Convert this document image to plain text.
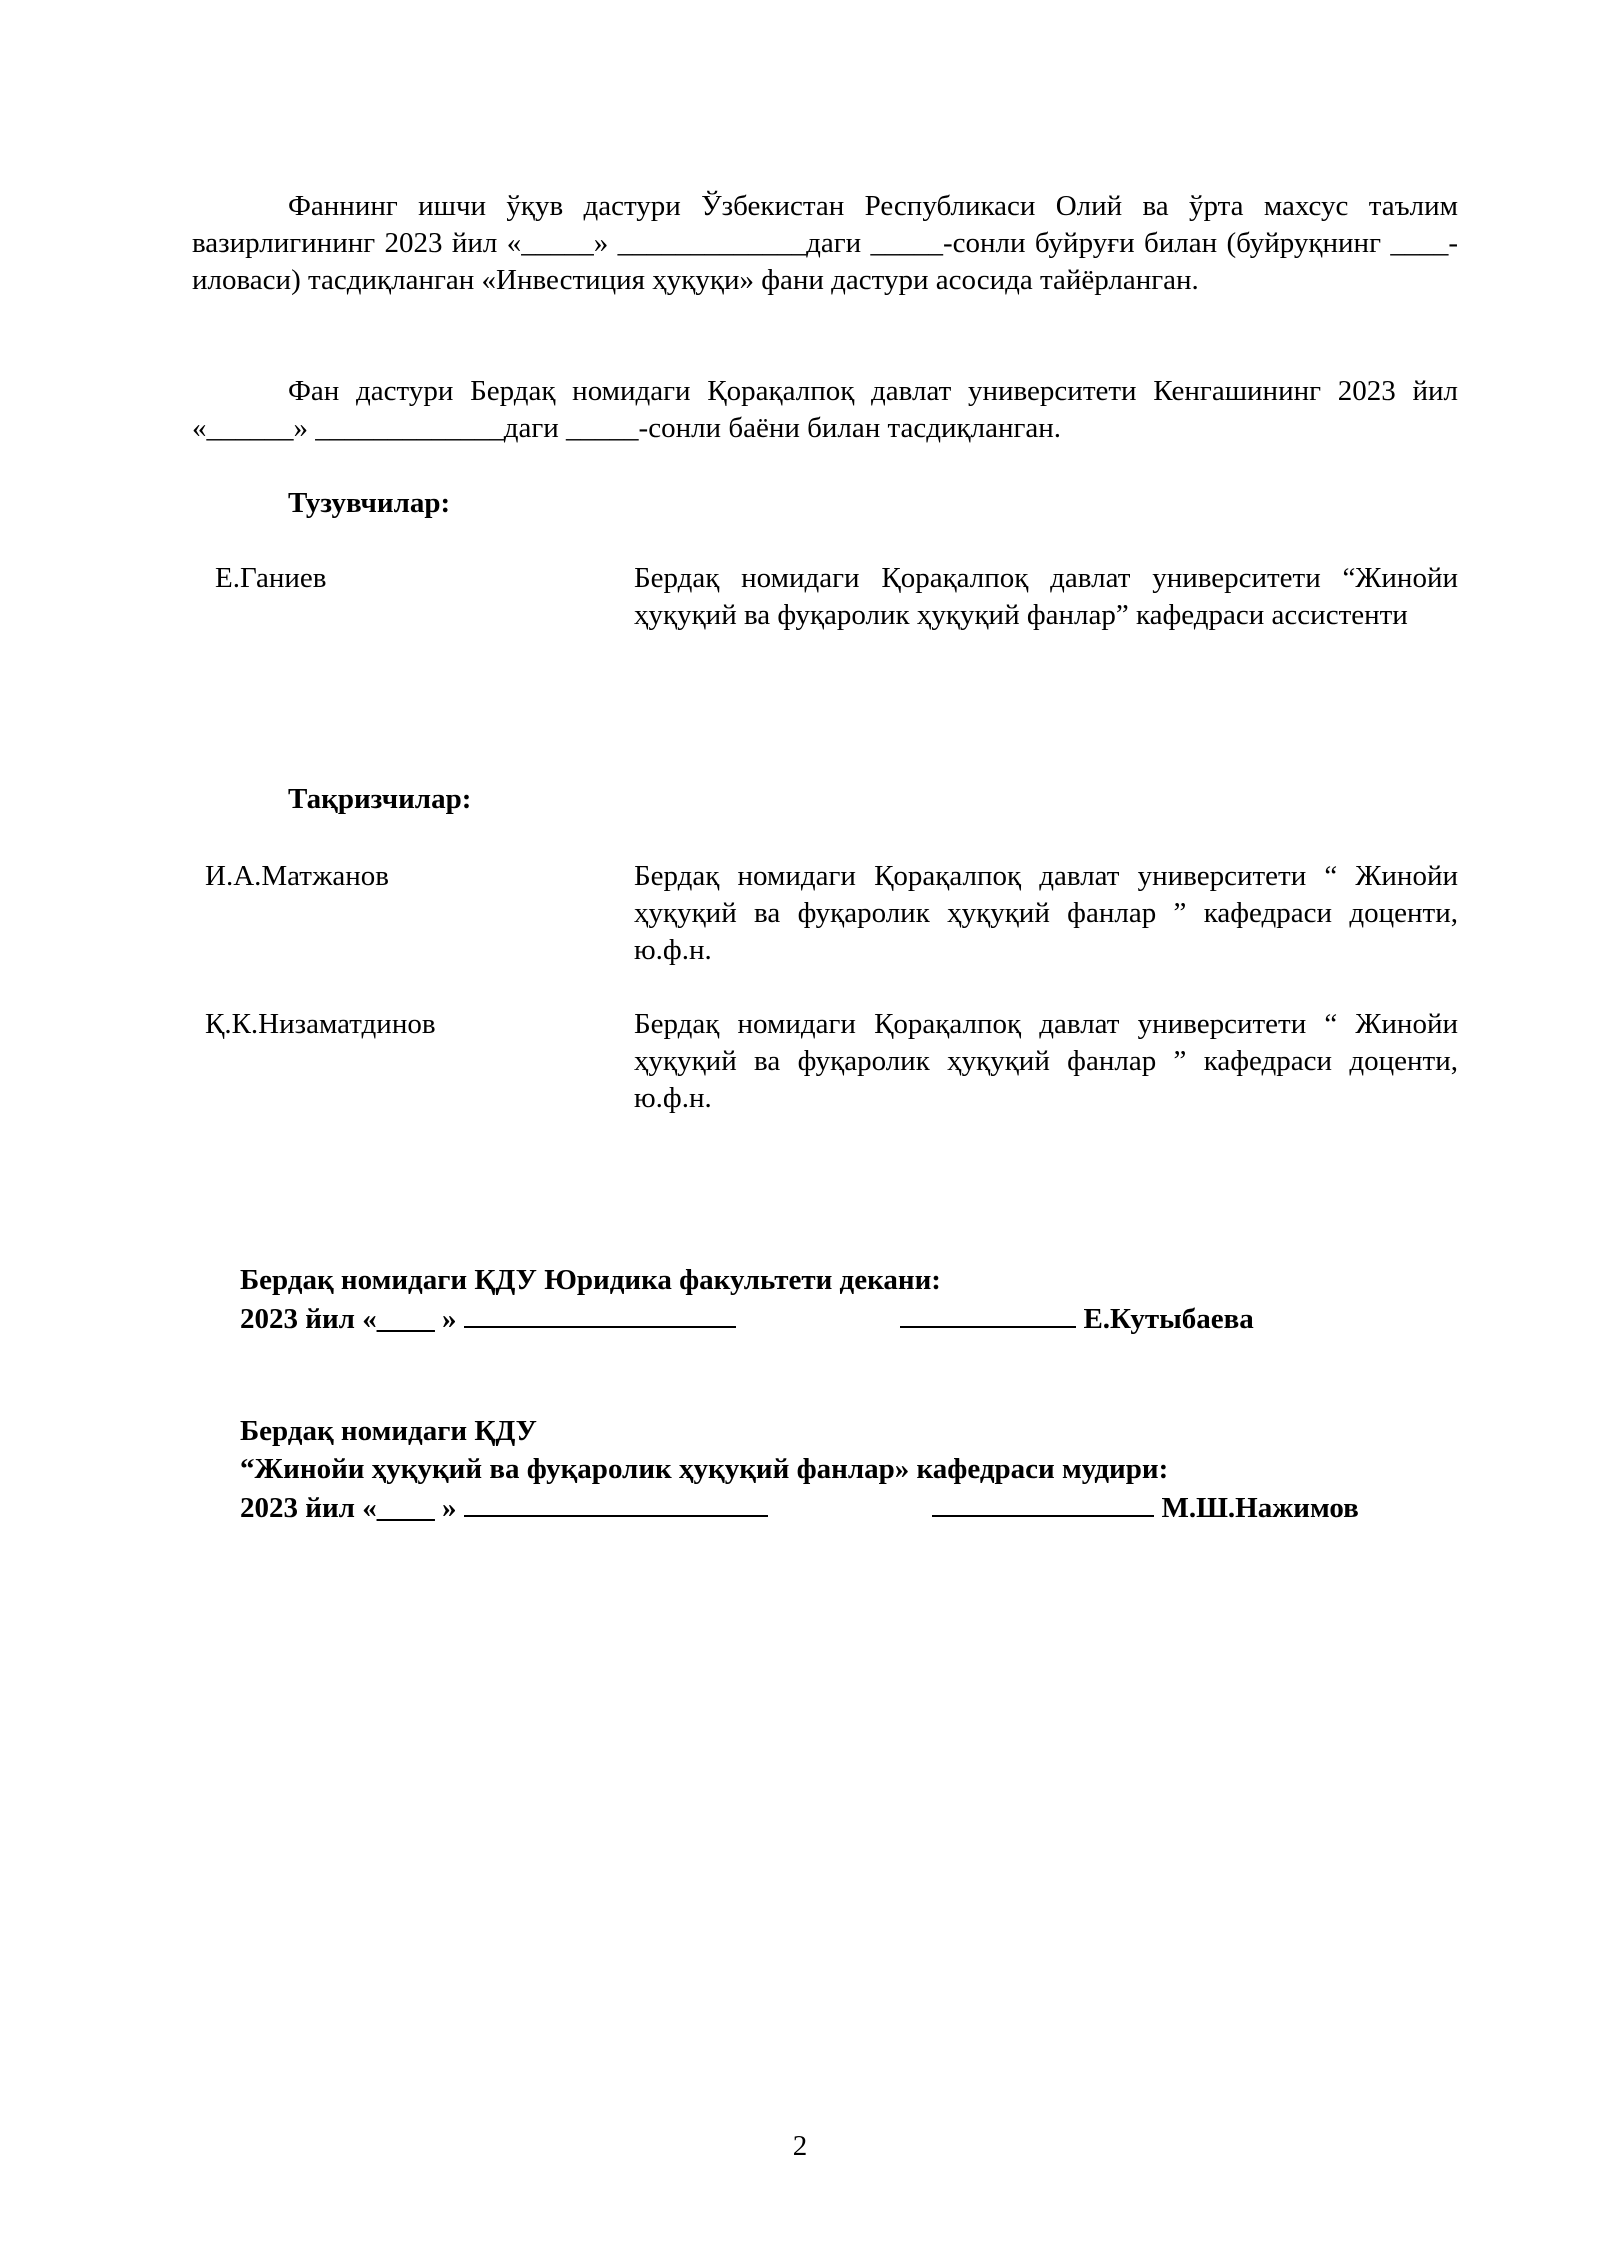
Фаннинг ишчи ўқув дастури Ўзбекистан Республикаси Олий ва ўрта махсус таълим вазирлигининг 2023 йил «_____» _____________даги _____-сонли буйруғи билан (буйруқнинг ____-иловаси) тасдиқланган «Инвестиция ҳуқуқи» фани дастури асосида тайёрланган.

Фан дастури Бердақ номидаги Қорақалпоқ давлат университети Кенгашининг 2023 йил «______» _____________даги _____-сонли баёни билан тасдиқланган.

Тузувчилар:

Е.Ганиев	Бердақ номидаги Қорақалпоқ давлат университети “Жинойи ҳуқуқий ва фуқаролик ҳуқуқий фанлар” кафедраси ассистенти

Тақризчилар:

И.А.Матжанов	Бердақ номидаги Қорақалпоқ давлат университети “ Жинойи ҳуқуқий ва фуқаролик ҳуқуқий фанлар ” кафедраси доценти, ю.ф.н.

Қ.К.Низаматдинов	Бердақ номидаги Қорақалпоқ давлат университети “ Жинойи ҳуқуқий ва фуқаролик ҳуқуқий фанлар ” кафедраси доценти, ю.ф.н.

Бердақ номидаги ҚДУ Юридика факультети декани:
2023 йил «____ »	Е.Кутыбаева
Бердақ номидаги ҚДУ
“Жинойи ҳуқуқий ва фуқаролик ҳуқуқий фанлар» кафедраси мудири:
2023 йил «____ »	М.Ш.Нажимов
2
